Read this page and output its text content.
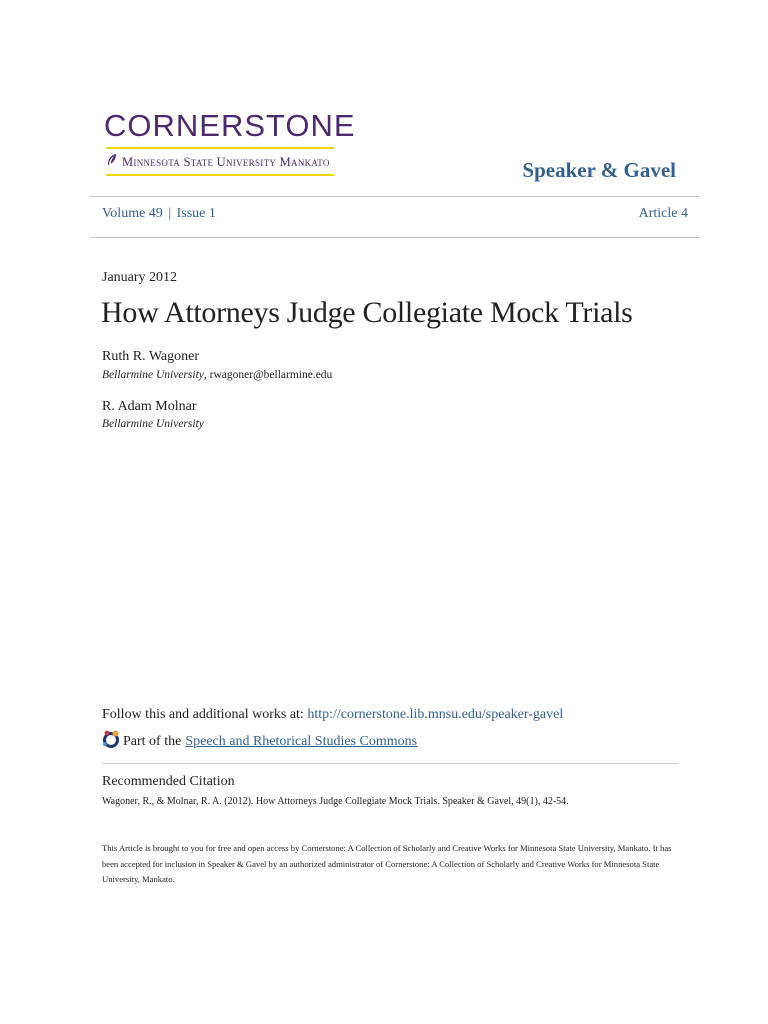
CORNERSTONE
Minnesota State University Mankato	Speaker & Gavel
Volume 49 | Issue 1	Article 4
January 2012
How Attorneys Judge Collegiate Mock Trials
Ruth R. Wagoner
Bellarmine University, rwagoner@bellarmine.edu
R. Adam Molnar
Bellarmine University
Follow this and additional works at: http://cornerstone.lib.mnsu.edu/speaker-gavel
Part of the Speech and Rhetorical Studies Commons
Recommended Citation
Wagoner, R., & Molnar, R. A. (2012). How Attorneys Judge Collegiate Mock Trials. Speaker & Gavel, 49(1), 42-54.
This Article is brought to you for free and open access by Cornerstone: A Collection of Scholarly and Creative Works for Minnesota State University, Mankato. It has been accepted for inclusion in Speaker & Gavel by an authorized administrator of Cornerstone: A Collection of Scholarly and Creative Works for Minnesota State University, Mankato.
